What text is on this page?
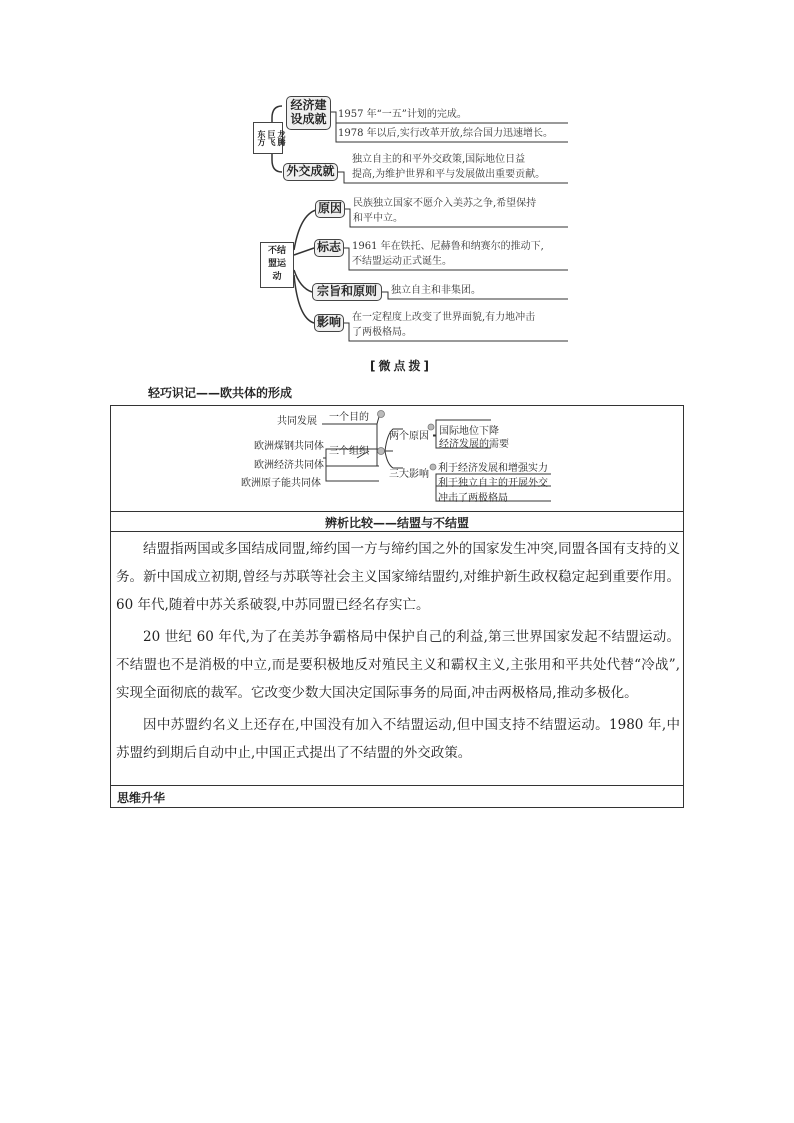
东方 巨飞 龙腾
经济建设成就 1957 年“一五”计划的完成。
1978 年以后,实行改革开放,综合国力迅速增长。
外交成就
独立自主的和平外交政策,国际地位日益
提高,为维护世界和平与发展做出重要贡献。
不结
盟运
动
原因 民族独立国家不愿介入美苏之争,希望保持
和平中立。
标志 1961 年在铁托、尼赫鲁和纳赛尔的推动下,
不结盟运动正式诞生。
宗旨和原则 独立自主和非集团。
影响 在一定程度上改变了世界面貌,有力地冲击
了两极格局。
[微点拨]
轻巧识记——欧共体的形成
共同发展
欧洲煤钢共同体
欧洲经济共同体
欧洲原子能共同体
一个目的
三个组织
两个原因
三大影响
国际地位下降
经济发展的需要
利于经济发展和增强实力
利于独立自主的开展外交
冲击了两极格局
辨析比较——结盟与不结盟

结盟指两国或多国结成同盟,缔约国一方与缔约国之外的国家发生冲突,同盟各国有支持的义务。新中国成立初期,曾经与苏联等社会主义国家缔结盟约,对维护新生政权稳定起到重要作用。60 年代,随着中苏关系破裂,中苏同盟已经名存实亡。

20 世纪 60 年代,为了在美苏争霸格局中保护自己的利益,第三世界国家发起不结盟运动。不结盟也不是消极的中立,而是要积极地反对殖民主义和霸权主义,主张用和平共处代替“冷战”,实现全面彻底的裁军。它改变少数大国决定国际事务的局面,冲击两极格局,推动多极化。

因中苏盟约名义上还存在,中国没有加入不结盟运动,但中国支持不结盟运动。1980 年,中苏盟约到期后自动中止,中国正式提出了不结盟的外交政策。

思维升华
